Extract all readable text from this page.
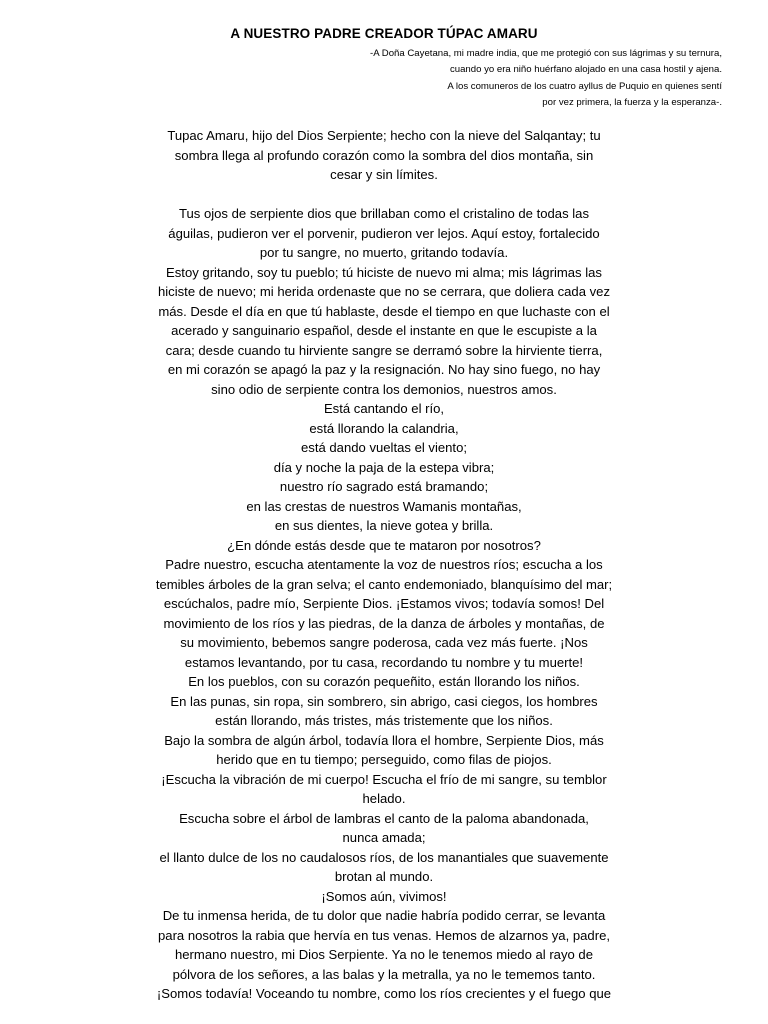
A NUESTRO PADRE CREADOR TÚPAC AMARU
-A Doña Cayetana, mi madre india, que me protegió con sus lágrimas y su ternura,
cuando yo era niño huérfano alojado en una casa hostil y ajena.
A los comuneros de los cuatro ayllus de Puquio en quienes sentí
por vez primera, la fuerza y la esperanza-.
Tupac Amaru, hijo del Dios Serpiente; hecho con la nieve del Salqantay; tu
sombra llega al profundo corazón como la sombra del dios montaña, sin
cesar y sin límites.
Tus ojos de serpiente dios que brillaban como el cristalino de todas las
águilas, pudieron ver el porvenir, pudieron ver lejos. Aquí estoy, fortalecido
por tu sangre, no muerto, gritando todavía.
Estoy gritando, soy tu pueblo; tú hiciste de nuevo mi alma; mis lágrimas las
hiciste de nuevo; mi herida ordenaste que no se cerrara, que doliera cada vez
más. Desde el día en que tú hablaste, desde el tiempo en que luchaste con el
acerado y sanguinario español, desde el instante en que le escupiste a la
cara; desde cuando tu hirviente sangre se derramó sobre la hirviente tierra,
en mi corazón se apagó la paz y la resignación. No hay sino fuego, no hay
sino odio de serpiente contra los demonios, nuestros amos.
Está cantando el río,
está llorando la calandria,
está dando vueltas el viento;
día y noche la paja de la estepa vibra;
nuestro río sagrado está bramando;
en las crestas de nuestros Wamanis montañas,
en sus dientes, la nieve gotea y brilla.
¿En dónde estás desde que te mataron por nosotros?
Padre nuestro, escucha atentamente la voz de nuestros ríos; escucha a los
temibles árboles de la gran selva; el canto endemoniado, blanquísimo del mar;
escúchalos, padre mío, Serpiente Dios. ¡Estamos vivos; todavía somos! Del
movimiento de los ríos y las piedras, de la danza de árboles y montañas, de
su movimiento, bebemos sangre poderosa, cada vez más fuerte. ¡Nos
estamos levantando, por tu casa, recordando tu nombre y tu muerte!
En los pueblos, con su corazón pequeñito, están llorando los niños.
En las punas, sin ropa, sin sombrero, sin abrigo, casi ciegos, los hombres
están llorando, más tristes, más tristemente que los niños.
Bajo la sombra de algún árbol, todavía llora el hombre, Serpiente Dios, más
herido que en tu tiempo; perseguido, como filas de piojos.
¡Escucha la vibración de mi cuerpo! Escucha el frío de mi sangre, su temblor
helado.
Escucha sobre el árbol de lambras el canto de la paloma abandonada,
nunca amada;
el llanto dulce de los no caudalosos ríos, de los manantiales que suavemente
brotan al mundo.
¡Somos aún, vivimos!
De tu inmensa herida, de tu dolor que nadie habría podido cerrar, se levanta
para nosotros la rabia que hervía en tus venas. Hemos de alzarnos ya, padre,
hermano nuestro, mi Dios Serpiente. Ya no le tenemos miedo al rayo de
pólvora de los señores, a las balas y la metralla, ya no le tememos tanto.
¡Somos todavía! Voceando tu nombre, como los ríos crecientes y el fuego que
